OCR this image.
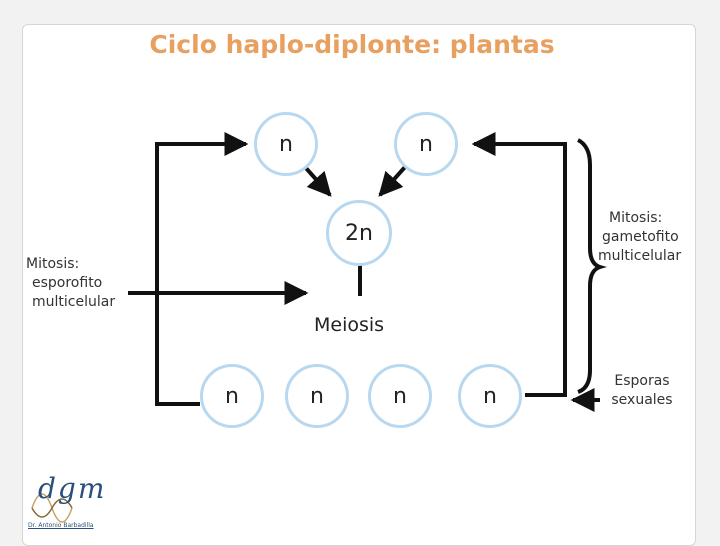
Ciclo haplo-diplonte: plantas
n	n
2n
n	n	n	n
Meiosis
Mitosis:
esporofito
multicelular
Mitosis:
gametofito
multicelular
Esporas
sexuales
dgm
Dr. Antonio Barbadilla
